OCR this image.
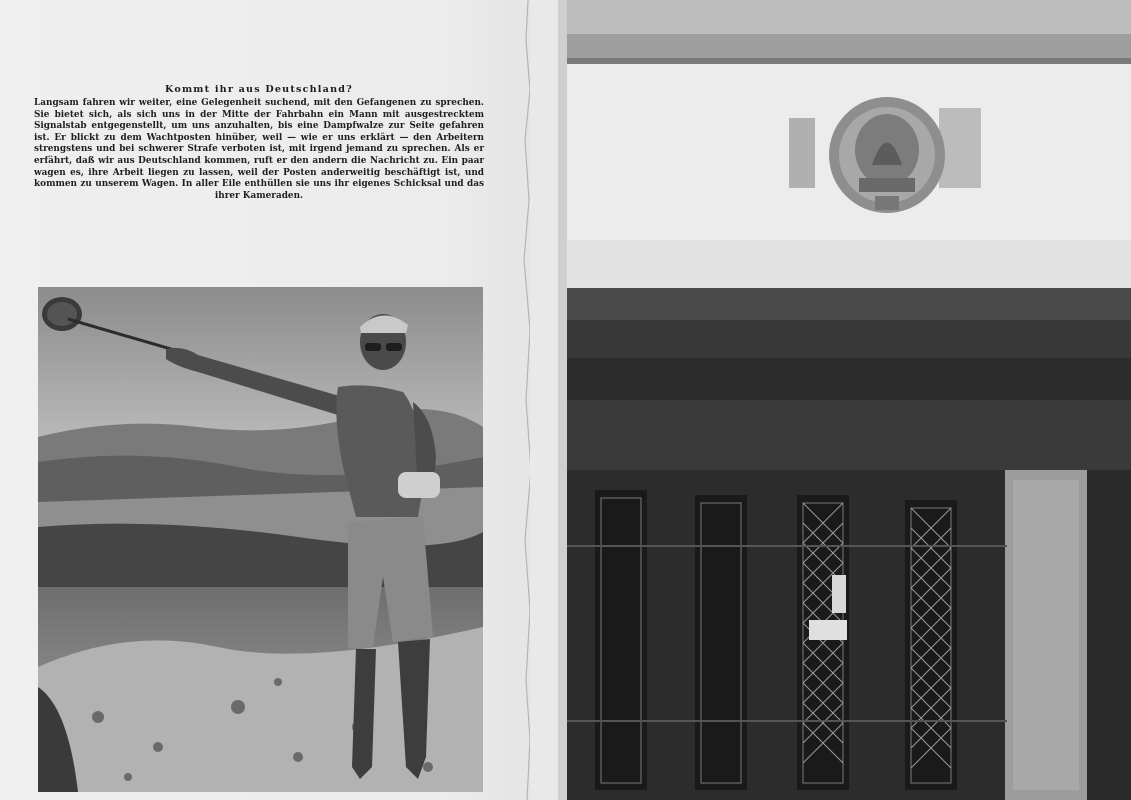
Kommt ihr aus Deutschland?

Langsam fahren wir weiter, eine Gelegenheit suchend, mit den Gefangenen zu sprechen. Sie bietet sich, als sich uns in der Mitte der Fahrbahn ein Mann mit ausgestrecktem Signalstab entgegenstellt, um uns anzuhalten, bis eine Dampfwalze zur Seite gefahren ist. Er blickt zu dem Wachtposten hinüber, weil — wie er uns erklärt — den Arbeitern strengstens und bei schwerer Strafe verboten ist, mit irgend jemand zu sprechen. Als er erfährt, daß wir aus Deutschland kommen, ruft er den andern die Nachricht zu. Ein paar wagen es, ihre Arbeit liegen zu lassen, weil der Posten anderweitig beschäftigt ist, und kommen zu unserem Wagen. In aller Eile enthüllen sie uns ihr eigenes Schicksal und das ihrer Kameraden.
